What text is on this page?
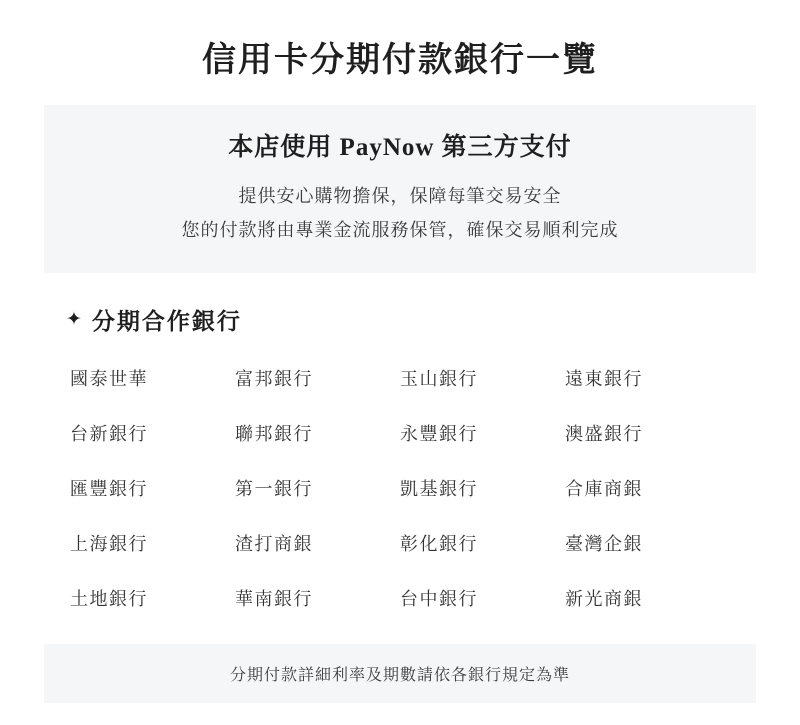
信用卡分期付款銀行一覽
本店使用 PayNow 第三方支付
提供安心購物擔保，保障每筆交易安全
您的付款將由專業金流服務保管，確保交易順利完成
✦ 分期合作銀行
國泰世華	富邦銀行	玉山銀行	遠東銀行
台新銀行	聯邦銀行	永豐銀行	澳盛銀行
匯豐銀行	第一銀行	凱基銀行	合庫商銀
上海銀行	渣打商銀	彰化銀行	臺灣企銀
土地銀行	華南銀行	台中銀行	新光商銀
分期付款詳細利率及期數請依各銀行規定為準
